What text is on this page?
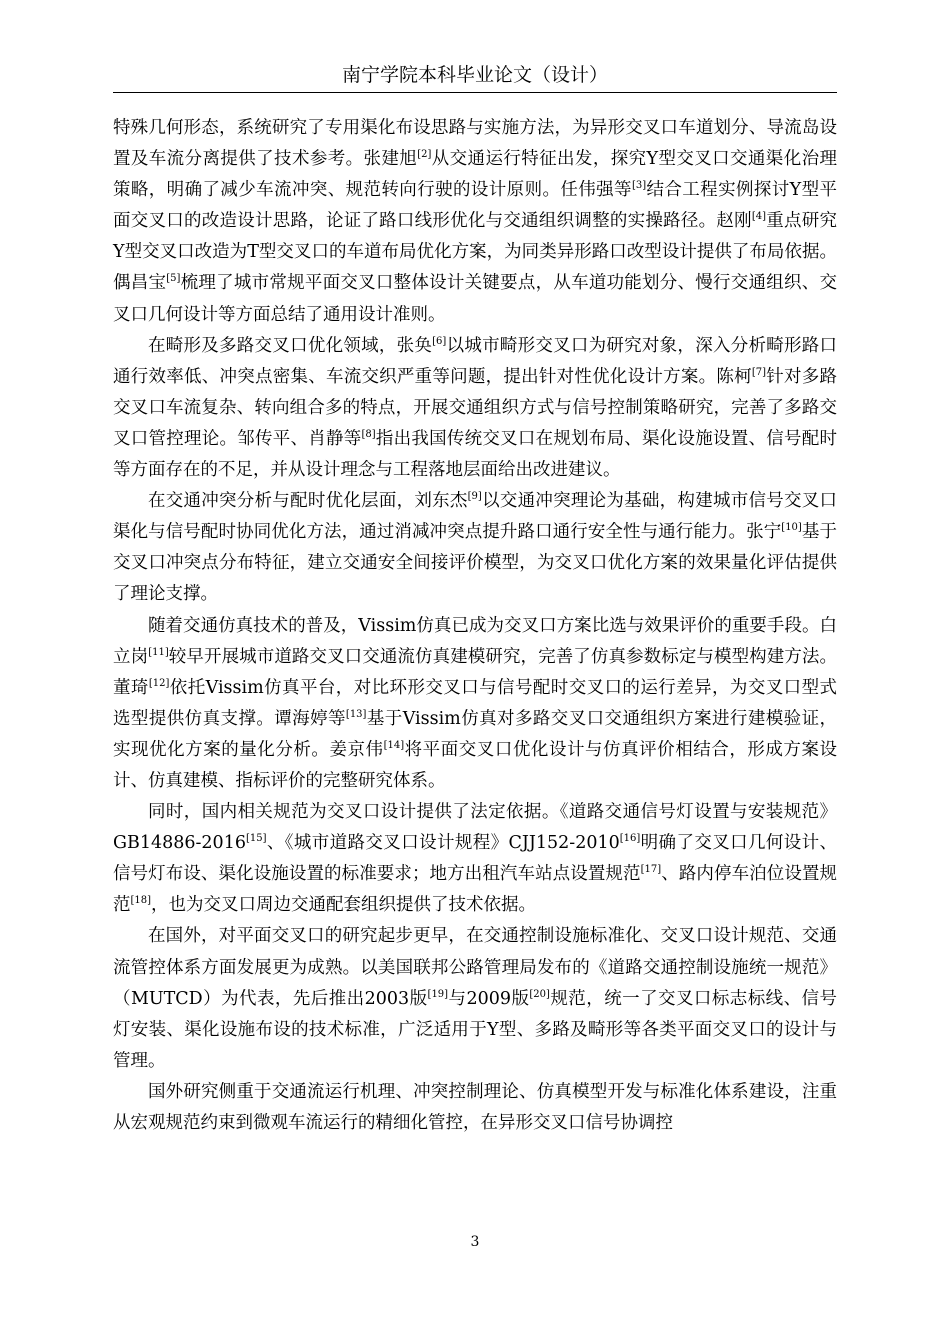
南宁学院本科毕业论文（设计）

特殊几何形态，系统研究了专用渠化布设思路与实施方法，为异形交叉口车道划分、导流岛设置及车流分离提供了技术参考。张建旭[2]从交通运行特征出发，探究Y型交叉口交通渠化治理策略，明确了减少车流冲突、规范转向行驶的设计原则。任伟强等[3]结合工程实例探讨Y型平面交叉口的改造设计思路，论证了路口线形优化与交通组织调整的实操路径。赵刚[4]重点研究Y型交叉口改造为T型交叉口的车道布局优化方案，为同类异形路口改型设计提供了布局依据。偶昌宝[5]梳理了城市常规平面交叉口整体设计关键要点，从车道功能划分、慢行交通组织、交叉口几何设计等方面总结了通用设计准则。

在畸形及多路交叉口优化领域，张奂[6]以城市畸形交叉口为研究对象，深入分析畸形路口通行效率低、冲突点密集、车流交织严重等问题，提出针对性优化设计方案。陈柯[7]针对多路交叉口车流复杂、转向组合多的特点，开展交通组织方式与信号控制策略研究，完善了多路交叉口管控理论。邹传平、肖静等[8]指出我国传统交叉口在规划布局、渠化设施设置、信号配时等方面存在的不足，并从设计理念与工程落地层面给出改进建议。

在交通冲突分析与配时优化层面，刘东杰[9]以交通冲突理论为基础，构建城市信号交叉口渠化与信号配时协同优化方法，通过消减冲突点提升路口通行安全性与通行能力。张宁[10]基于交叉口冲突点分布特征，建立交通安全间接评价模型，为交叉口优化方案的效果量化评估提供了理论支撑。

随着交通仿真技术的普及，Vissim仿真已成为交叉口方案比选与效果评价的重要手段。白立岗[11]较早开展城市道路交叉口交通流仿真建模研究，完善了仿真参数标定与模型构建方法。董琦[12]依托Vissim仿真平台，对比环形交叉口与信号配时交叉口的运行差异，为交叉口型式选型提供仿真支撑。谭海婷等[13]基于Vissim仿真对多路交叉口交通组织方案进行建模验证，实现优化方案的量化分析。姜京伟[14]将平面交叉口优化设计与仿真评价相结合，形成方案设计、仿真建模、指标评价的完整研究体系。

同时，国内相关规范为交叉口设计提供了法定依据。《道路交通信号灯设置与安装规范》GB14886-2016[15]、《城市道路交叉口设计规程》CJJ152-2010[16]明确了交叉口几何设计、信号灯布设、渠化设施设置的标准要求；地方出租汽车站点设置规范[17]、路内停车泊位设置规范[18]，也为交叉口周边交通配套组织提供了技术依据。

在国外，对平面交叉口的研究起步更早，在交通控制设施标准化、交叉口设计规范、交通流管控体系方面发展更为成熟。以美国联邦公路管理局发布的《道路交通控制设施统一规范》（MUTCD）为代表，先后推出2003版[19]与2009版[20]规范，统一了交叉口标志标线、信号灯安装、渠化设施布设的技术标准，广泛适用于Y型、多路及畸形等各类平面交叉口的设计与管理。

国外研究侧重于交通流运行机理、冲突控制理论、仿真模型开发与标准化体系建设，注重从宏观规范约束到微观车流运行的精细化管控，在异形交叉口信号协调控

3
